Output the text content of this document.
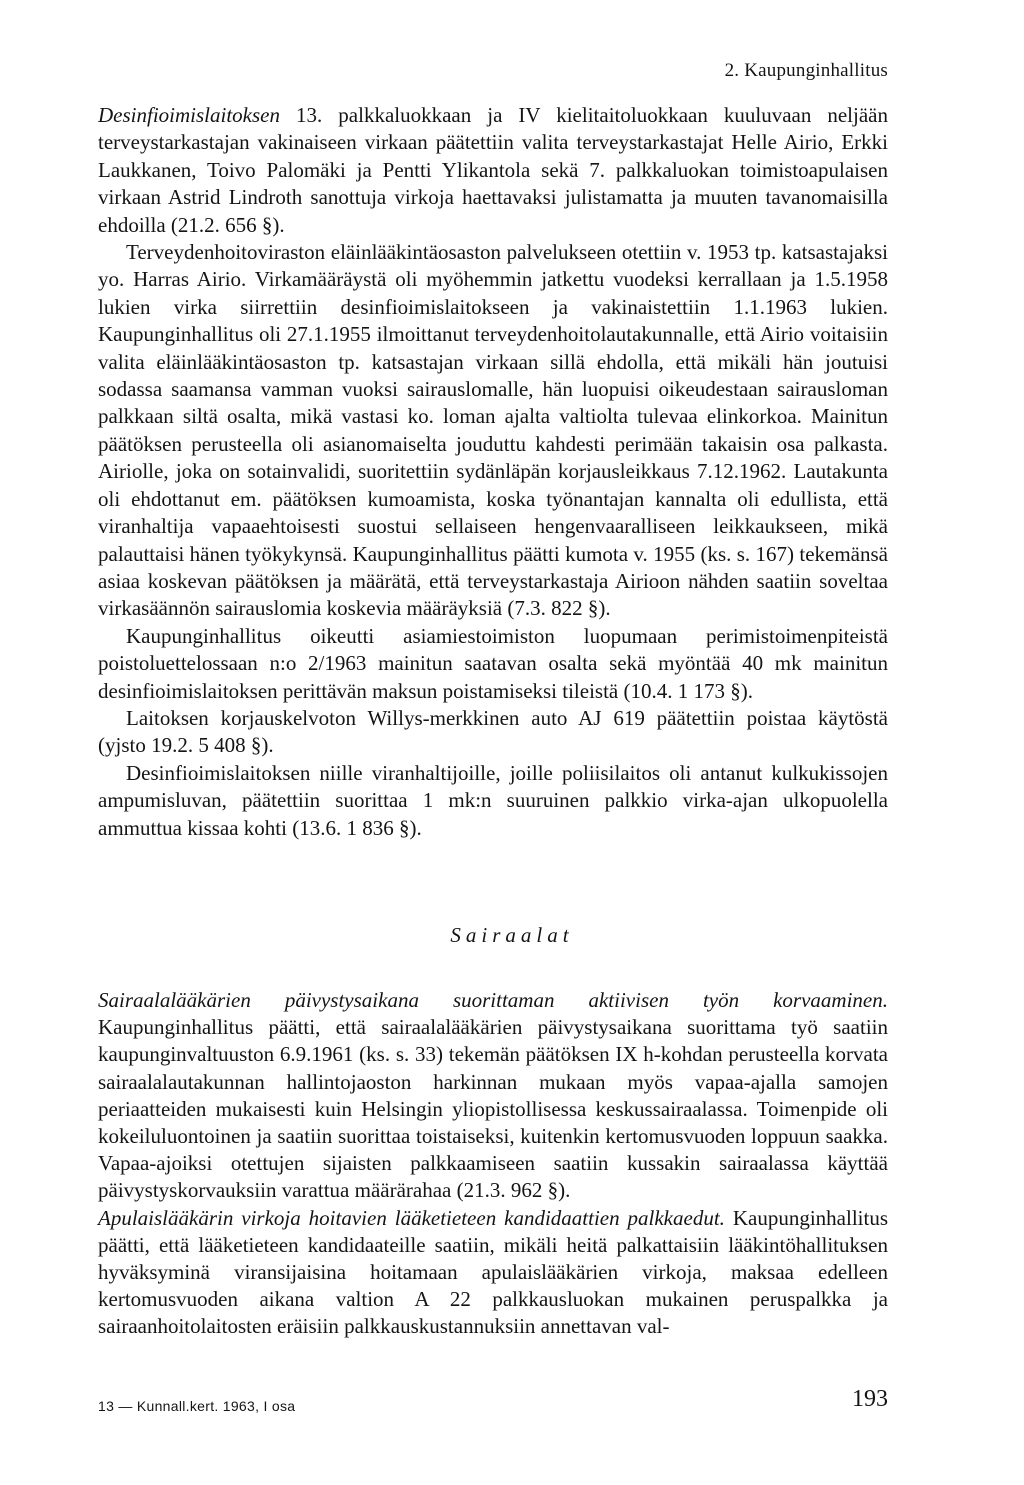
2. Kaupunginhallitus

Desinfioimislaitoksen 13. palkkaluokkaan ja IV kielitaitoluokkaan kuuluvaan neljään terveystarkastajan vakinaiseen virkaan päätettiin valita terveystarkastajat Helle Airio, Erkki Laukkanen, Toivo Palomäki ja Pentti Ylikantola sekä 7. palkkaluokan toimistoapulaisen virkaan Astrid Lindroth sanottuja virkoja haettavaksi julistamatta ja muuten tavanomaisilla ehdoilla (21.2. 656 §).

Terveydenhoitoviraston eläinlääkintäosaston palvelukseen otettiin v. 1953 tp. katsastajaksi yo. Harras Airio. Virkamääräystä oli myöhemmin jatkettu vuodeksi kerrallaan ja 1.5.1958 lukien virka siirrettiin desinfioimislaitokseen ja vakinaistettiin 1.1.1963 lukien. Kaupunginhallitus oli 27.1.1955 ilmoittanut terveydenhoitolautakunnalle, että Airio voitaisiin valita eläinlääkintäosaston tp. katsastajan virkaan sillä ehdolla, että mikäli hän joutuisi sodassa saamansa vamman vuoksi sairauslomalle, hän luopuisi oikeudestaan sairausloman palkkaan siltä osalta, mikä vastasi ko. loman ajalta valtiolta tulevaa elinkorkoa. Mainitun päätöksen perusteella oli asianomaiselta jouduttu kahdesti perimään takaisin osa palkasta. Airiolle, joka on sotainvalidi, suoritettiin sydänläpän korjausleikkaus 7.12.1962. Lautakunta oli ehdottanut em. päätöksen kumoamista, koska työnantajan kannalta oli edullista, että viranhaltija vapaaehtoisesti suostui sellaiseen hengenvaaralliseen leikkaukseen, mikä palauttaisi hänen työkykynsä. Kaupunginhallitus päätti kumota v. 1955 (ks. s. 167) tekemänsä asiaa koskevan päätöksen ja määrätä, että terveystarkastaja Airioon nähden saatiin soveltaa virkasäännön sairauslomia koskevia määräyksiä (7.3. 822 §).

Kaupunginhallitus oikeutti asiamiestoimiston luopumaan perimistoimenpiteistä poistoluettelossaan n:o 2/1963 mainitun saatavan osalta sekä myöntää 40 mk mainitun desinfioimislaitoksen perittävän maksun poistamiseksi tileistä (10.4. 1 173 §).

Laitoksen korjauskelvoton Willys-merkkinen auto AJ 619 päätettiin poistaa käytöstä (yjsto 19.2. 5 408 §).

Desinfioimislaitoksen niille viranhaltijoille, joille poliisilaitos oli antanut kulkukissojen ampumisluvan, päätettiin suorittaa 1 mk:n suuruinen palkkio virka-ajan ulkopuolella ammuttua kissaa kohti (13.6. 1 836 §).

Sairaalat

Sairaalalääkärien päivystysaikana suorittaman aktiivisen työn korvaaminen. Kaupunginhallitus päätti, että sairaalalääkärien päivystysaikana suorittama työ saatiin kaupunginvaltuuston 6.9.1961 (ks. s. 33) tekemän päätöksen IX h-kohdan perusteella korvata sairaalalautakunnan hallintojaoston harkinnan mukaan myös vapaa-ajalla samojen periaatteiden mukaisesti kuin Helsingin yliopistollisessa keskussairaalassa. Toimenpide oli kokeiluluontoinen ja saatiin suorittaa toistaiseksi, kuitenkin kertomusvuoden loppuun saakka. Vapaa-ajoiksi otettujen sijaisten palkkaamiseen saatiin kussakin sairaalassa käyttää päivystyskorvauksiin varattua määrärahaa (21.3. 962 §).

Apulaislääkärin virkoja hoitavien lääketieteen kandidaattien palkkaedut. Kaupunginhallitus päätti, että lääketieteen kandidaateille saatiin, mikäli heitä palkattaisiin lääkintöhallituksen hyväksyminä viransijaisina hoitamaan apulaislääkärien virkoja, maksaa edelleen kertomusvuoden aikana valtion A 22 palkkausluokan mukainen peruspalkka ja sairaanhoitolaitosten eräisiin palkkauskustannuksiin annettavan val-

13 — Kunnall.kert. 1963, I osa	193
